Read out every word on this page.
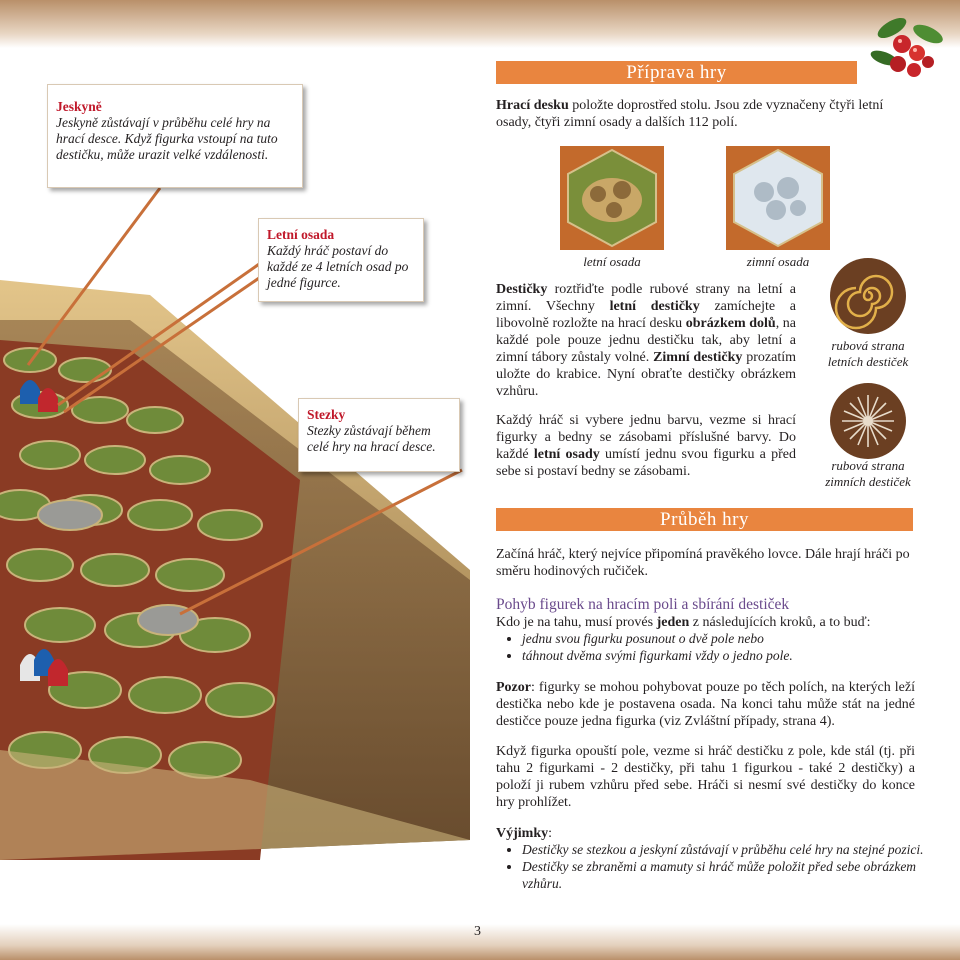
Jeskyně
Jeskyně zůstávají v průběhu celé hry na hrací desce. Když figurka vstoupí na tuto destičku, může urazit velké vzdálenosti.
Letní osada
Každý hráč postaví do každé ze 4 letních osad po jedné figurce.
Stezky
Stezky zůstávají během celé hry na hrací desce.
Příprava hry

Hrací desku položte doprostřed stolu. Jsou zde vyznačeny čtyři letní osady, čtyři zimní osady a dalších 112 polí.

letní osada	zimní osada

Destičky roztřiďte podle rubové strany na letní a zimní. Všechny letní destičky zamíchejte a libovolně rozložte na hrací desku obrázkem dolů, na každé pole pouze jednu destičku tak, aby letní a zimní tábory zůstaly volné. Zimní destičky prozatím uložte do krabice. Nyní obraťte destičky obrázkem vzhůru.

Každý hráč si vybere jednu barvu, vezme si hrací figurky a bedny se zásobami příslušné barvy. Do každé letní osady umístí jednu svou figurku a před sebe si postaví bedny se zásobami.

rubová strana
letních destiček
rubová strana
zimních destiček
Průběh hry

Začíná hráč, který nejvíce připomíná pravěkého lovce. Dále hrají hráči po směru hodinových ručiček.

Pohyb figurek na hracím poli a sbírání destiček

Kdo je na tahu, musí provés jeden z následujících kroků, a to buď:

• jednu svou figurku posunout o dvě pole nebo
• táhnout dvěma svými figurkami vždy o jedno pole.

Pozor: figurky se mohou pohybovat pouze po těch polích, na kterých leží destička nebo kde je postavena osada. Na konci tahu může stát na jedné destičce pouze jedna figurka (viz Zvláštní případy, strana 4).

Když figurka opouští pole, vezme si hráč destičku z pole, kde stál (tj. při tahu 2 figurkami - 2 destičky, při tahu 1 figurkou - také 2 destičky) a položí ji rubem vzhůru před sebe. Hráči si nesmí své destičky do konce hry prohlížet.

Výjimky:

• Destičky se stezkou a jeskyní zůstávají v průběhu celé hry na stejné pozici.
• Destičky se zbraněmi a mamuty si hráč může položit před sebe obrázkem vzhůru.
3
